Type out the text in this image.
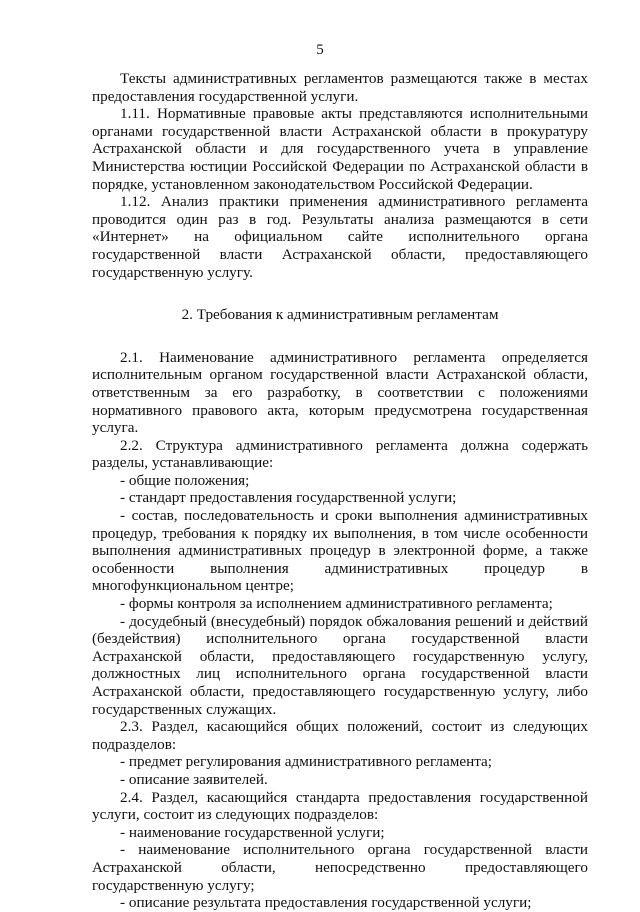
5

Тексты административных регламентов размещаются также в местах предоставления государственной услуги.

1.11. Нормативные правовые акты представляются исполнительными органами государственной власти Астраханской области в прокуратуру Астраханской области и для государственного учета в управление Министерства юстиции Российской Федерации по Астраханской области в порядке, установленном законодательством Российской Федерации.

1.12. Анализ практики применения административного регламента проводится один раз в год. Результаты анализа размещаются в сети «Интернет» на официальном сайте исполнительного органа государственной власти Астраханской области, предоставляющего государственную услугу.

2. Требования к административным регламентам

2.1. Наименование административного регламента определяется исполнительным органом государственной власти Астраханской области, ответственным за его разработку, в соответствии с положениями нормативного правового акта, которым предусмотрена государственная услуга.

2.2. Структура административного регламента должна содержать разделы, устанавливающие:

- общие положения;

- стандарт предоставления государственной услуги;

- состав, последовательность и сроки выполнения административных процедур, требования к порядку их выполнения, в том числе особенности выполнения административных процедур в электронной форме, а также особенности выполнения административных процедур в многофункциональном центре;

- формы контроля за исполнением административного регламента;

- досудебный (внесудебный) порядок обжалования решений и действий (бездействия) исполнительного органа государственной власти Астраханской области, предоставляющего государственную услугу, должностных лиц исполнительного органа государственной власти Астраханской области, предоставляющего государственную услугу, либо государственных служащих.

2.3. Раздел, касающийся общих положений, состоит из следующих подразделов:

- предмет регулирования административного регламента;

- описание заявителей.

2.4. Раздел, касающийся стандарта предоставления государственной услуги, состоит из следующих подразделов:

- наименование государственной услуги;

- наименование исполнительного органа государственной власти Астраханской области, непосредственно предоставляющего государственную услугу;

- описание результата предоставления государственной услуги;
